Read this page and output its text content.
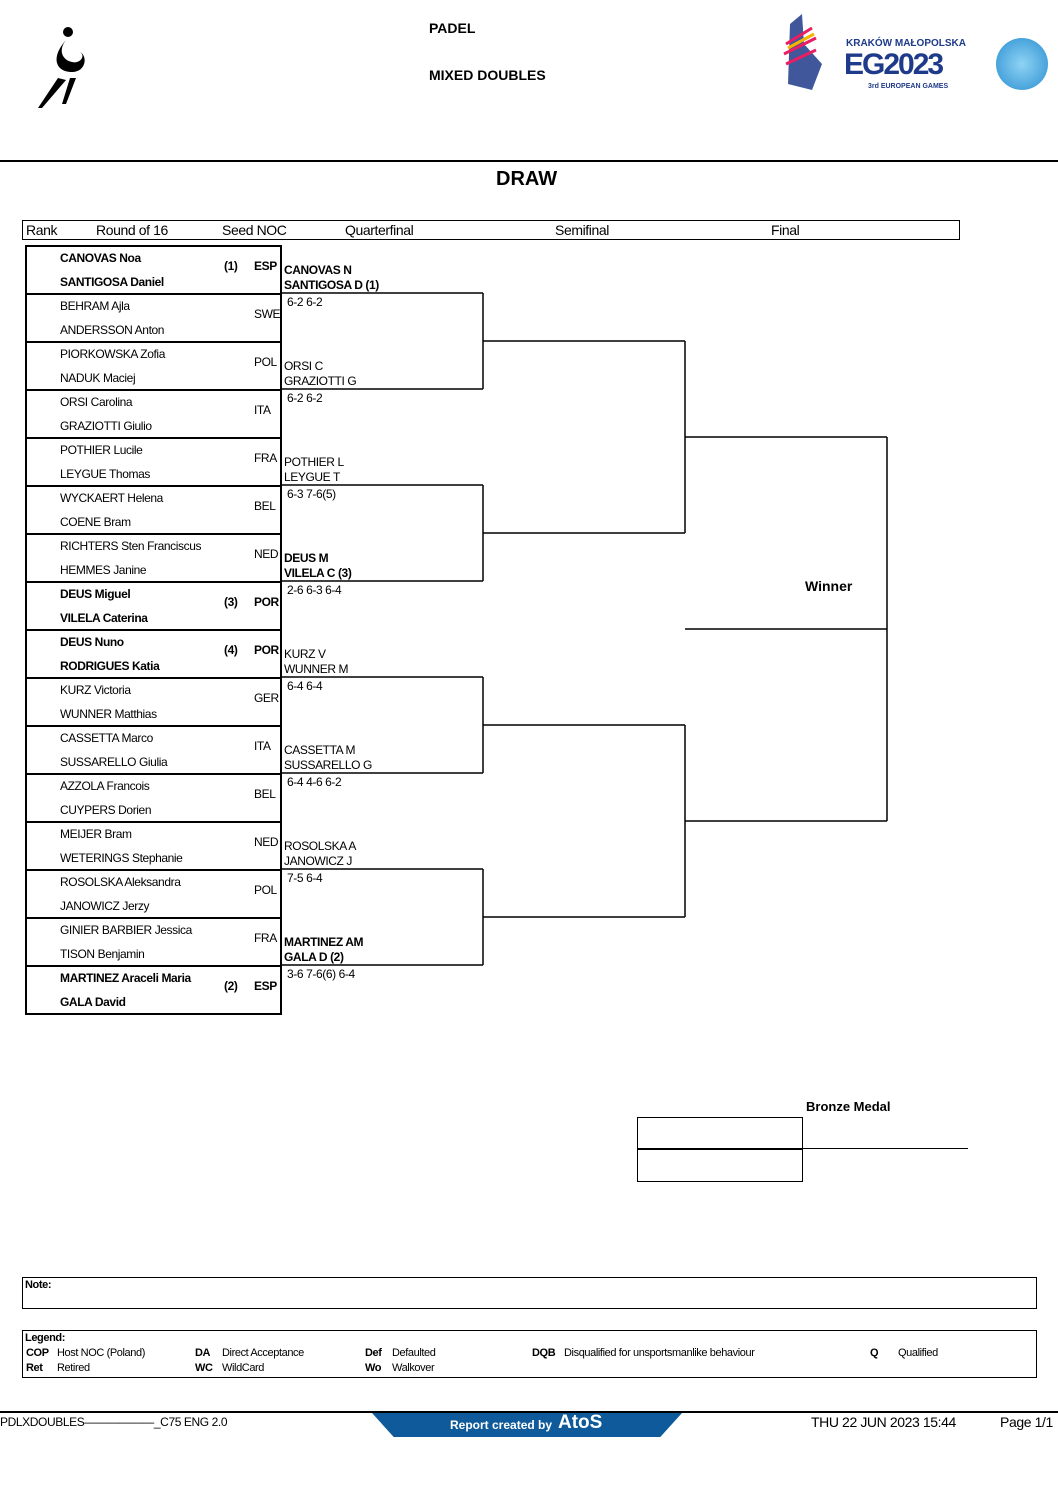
PADEL
MIXED DOUBLES
KRAKÓW MAŁOPOLSKA
EG2023
3rd EUROPEAN GAMES
DRAW
Rank	Round of 16	Seed NOC	Quarterfinal	Semifinal	Final
CANOVAS Noa
SANTIGOSA Daniel
(1) ESP
BEHRAM Ajla
ANDERSSON Anton
SWE
PIORKOWSKA Zofia
NADUK Maciej
POL
ORSI Carolina
GRAZIOTTI Giulio
ITA
POTHIER Lucile
LEYGUE Thomas
FRA
WYCKAERT Helena
COENE Bram
BEL
RICHTERS Sten Franciscus
HEMMES Janine
NED
DEUS Miguel
VILELA Caterina
(3) POR
DEUS Nuno
RODRIGUES Katia
(4) POR
KURZ Victoria
WUNNER Matthias
GER
CASSETTA Marco
SUSSARELLO Giulia
ITA
AZZOLA Francois
CUYPERS Dorien
BEL
MEIJER Bram
WETERINGS Stephanie
NED
ROSOLSKA Aleksandra
JANOWICZ Jerzy
POL
GINIER BARBIER Jessica
TISON Benjamin
FRA
MARTINEZ Araceli Maria
GALA David
(2) ESP
CANOVAS N
SANTIGOSA D (1)
6-2 6-2
ORSI C
GRAZIOTTI G
6-2 6-2
POTHIER L
LEYGUE T
6-3 7-6(5)
DEUS M
VILELA C (3)
2-6 6-3 6-4
KURZ V
WUNNER M
6-4 6-4
CASSETTA M
SUSSARELLO G
6-4 4-6 6-2
ROSOLSKA A
JANOWICZ J
7-5 6-4
MARTINEZ AM
GALA D (2)
3-6 7-6(6) 6-4
Winner
Bronze Medal
Note:
Legend:
COP Host NOC (Poland)	DA Direct Acceptance	Def Defaulted	DQB Disqualified for unsportsmanlike behaviour	Q Qualified
Ret Retired	WC WildCard	Wo Walkover
PDLXDOUBLES——————_C75 ENG 2.0	Report created by AtoS	THU 22 JUN 2023 15:44	Page 1/1
